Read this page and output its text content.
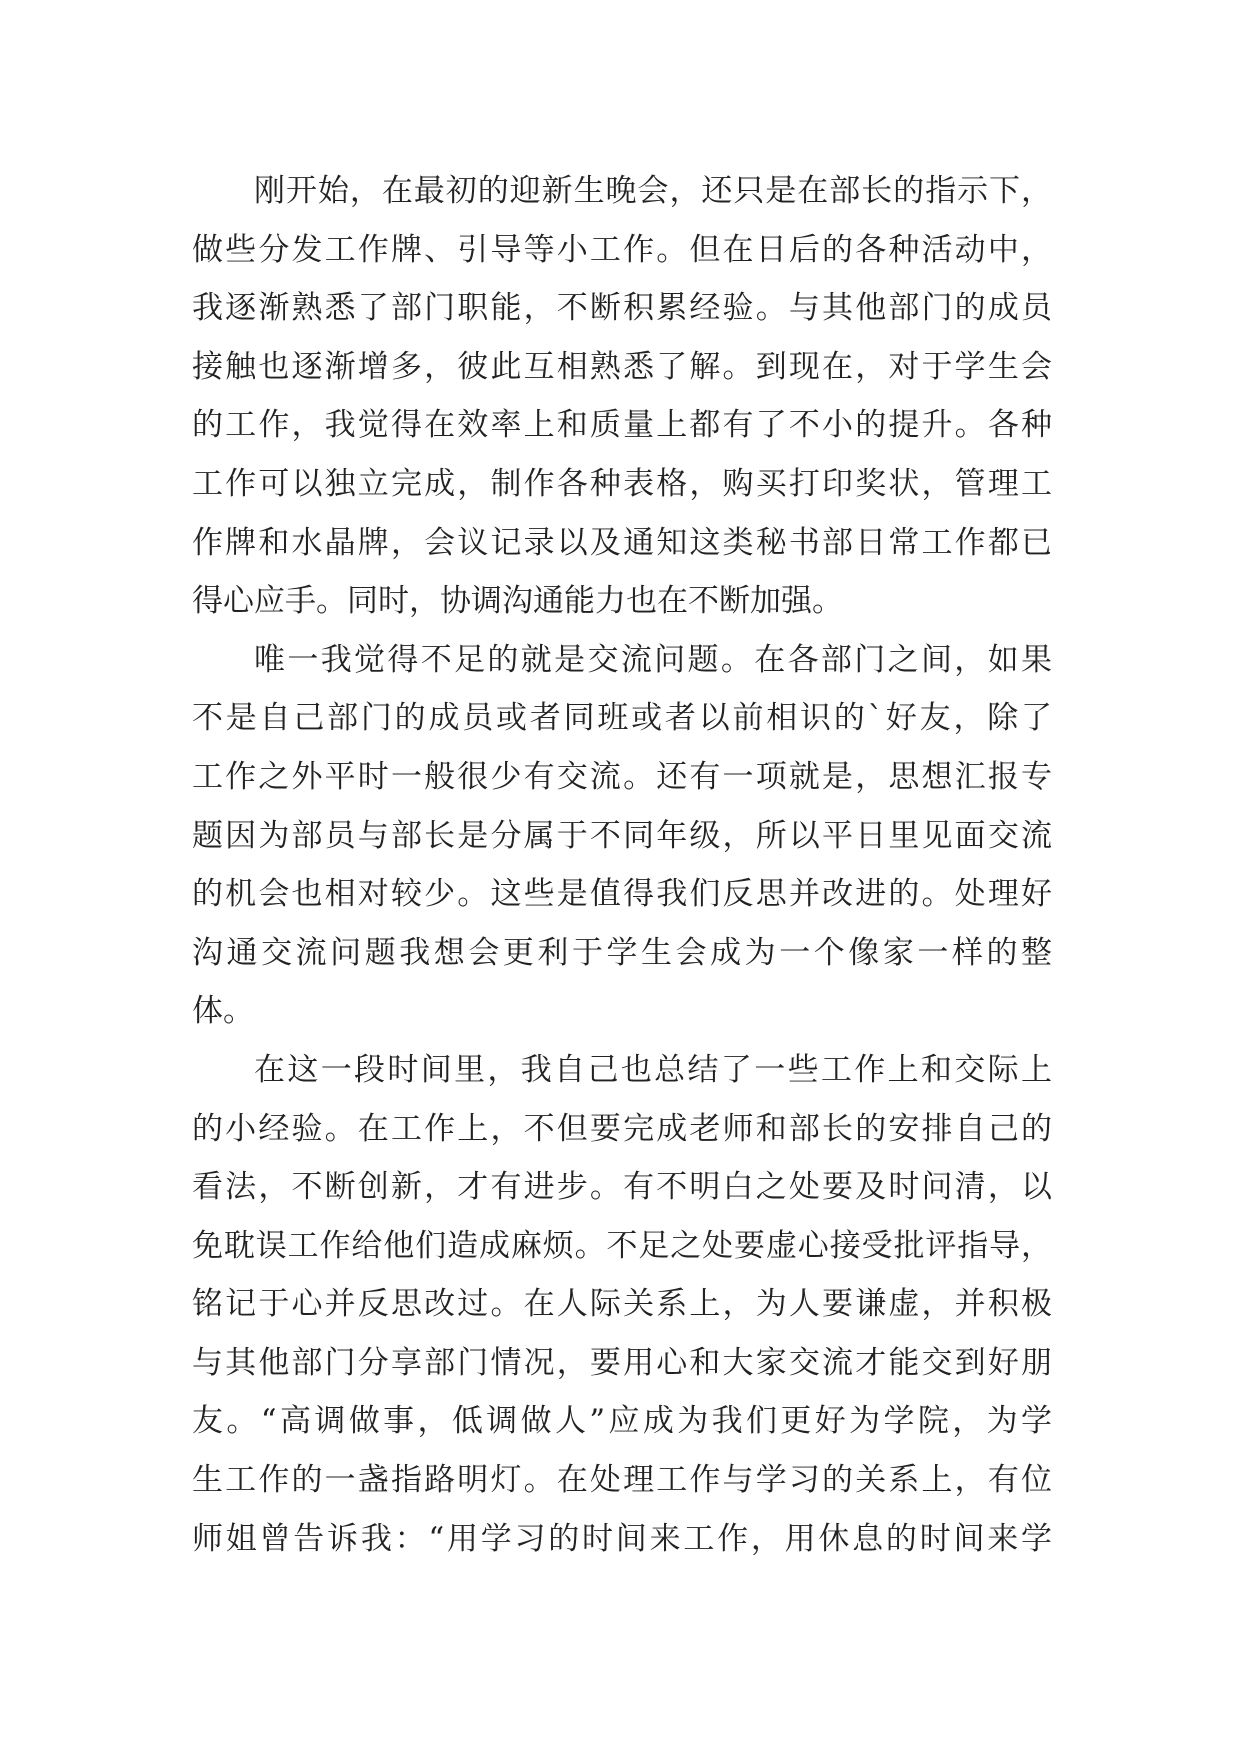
刚开始，在最初的迎新生晚会，还只是在部长的指示下，
做些分发工作牌、引导等小工作。但在日后的各种活动中，
我逐渐熟悉了部门职能，不断积累经验。与其他部门的成员
接触也逐渐增多，彼此互相熟悉了解。到现在，对于学生会
的工作，我觉得在效率上和质量上都有了不小的提升。各种
工作可以独立完成，制作各种表格，购买打印奖状，管理工
作牌和水晶牌，会议记录以及通知这类秘书部日常工作都已
得心应手。同时，协调沟通能力也在不断加强。
唯一我觉得不足的就是交流问题。在各部门之间，如果
不是自己部门的成员或者同班或者以前相识的`好友，除了
工作之外平时一般很少有交流。还有一项就是，思想汇报专
题因为部员与部长是分属于不同年级，所以平日里见面交流
的机会也相对较少。这些是值得我们反思并改进的。处理好
沟通交流问题我想会更利于学生会成为一个像家一样的整
体。
在这一段时间里，我自己也总结了一些工作上和交际上
的小经验。在工作上，不但要完成老师和部长的安排自己的
看法，不断创新，才有进步。有不明白之处要及时问清，以
免耽误工作给他们造成麻烦。不足之处要虚心接受批评指导，
铭记于心并反思改过。在人际关系上，为人要谦虚，并积极
与其他部门分享部门情况，要用心和大家交流才能交到好朋
友。“高调做事，低调做人”应成为我们更好为学院，为学
生工作的一盏指路明灯。在处理工作与学习的关系上，有位
师姐曾告诉我：“用学习的时间来工作，用休息的时间来学
